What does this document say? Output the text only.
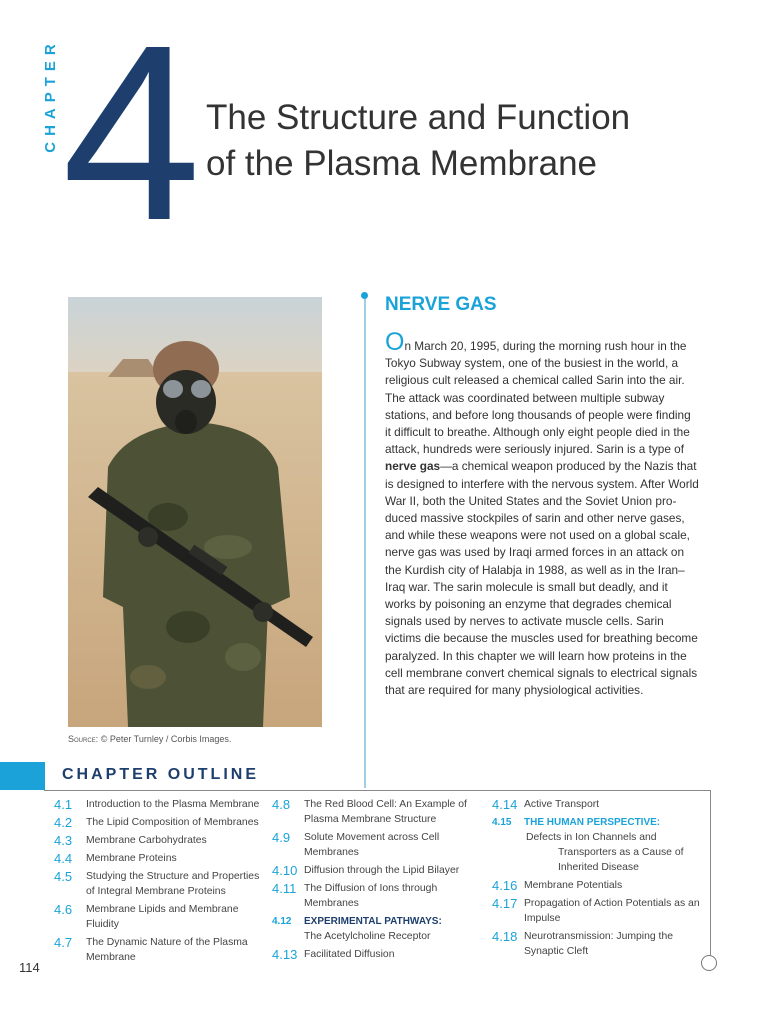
CHAPTER 4 The Structure and Function
of the Plasma Membrane
Source: © Peter Turnley / Corbis Images.
NERVE GAS
On March 20, 1995, during the morning rush hour in the Tokyo Subway system, one of the busiest in the world, a religious cult released a chemical called Sarin into the air. The attack was coordinated between multiple subway stations, and before long thousands of people were finding it difficult to breathe. Although only eight people died in the attack, hundreds were seriously injured. Sarin is a type of nerve gas—a chemical weapon produced by the Nazis that is designed to interfere with the nervous system. After World War II, both the United States and the Soviet Union produced massive stockpiles of sarin and other nerve gases, and while these weapons were not used on a global scale, nerve gas was used by Iraqi armed forces in an attack on the Kurdish city of Halabja in 1988, as well as in the Iran–Iraq war. The sarin molecule is small but deadly, and it works by poisoning an enzyme that degrades chemical signals used by nerves to activate muscle cells. Sarin victims die because the muscles used for breathing become paralyzed. In this chapter we will learn how proteins in the cell membrane convert chemical signals to electrical signals that are required for many physiological activities.
CHAPTER OUTLINE
4.1	Introduction to the Plasma Membrane
4.2	The Lipid Composition of Membranes
4.3	Membrane Carbohydrates
4.4	Membrane Proteins
4.5	Studying the Structure and Properties of Integral Membrane Proteins
4.6	Membrane Lipids and Membrane Fluidity
4.7	The Dynamic Nature of the Plasma Membrane
4.8	The Red Blood Cell: An Example of Plasma Membrane Structure
4.9	Solute Movement across Cell Membranes
4.10 Diffusion through the Lipid Bilayer
4.11 The Diffusion of Ions through Membranes
4.12	EXPERIMENTAL PATHWAYS:
The Acetylcholine Receptor
4.13 Facilitated Diffusion
4.14 Active Transport
4.15	THE HUMAN PERSPECTIVE:
Defects in Ion Channels and
Transporters as a Cause of
Inherited Disease
4.16 Membrane Potentials
4.17 Propagation of Action Potentials as an Impulse
4.18 Neurotransmission: Jumping the Synaptic Cleft
114
